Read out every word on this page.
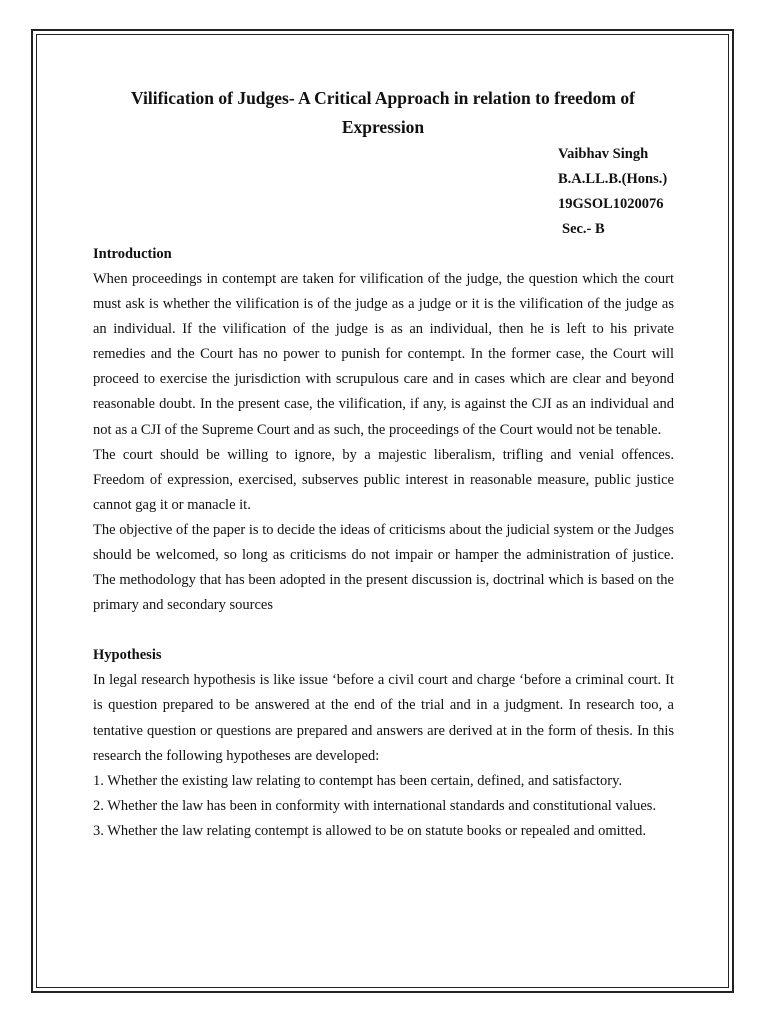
Vilification of Judges- A Critical Approach in relation to freedom of
Expression

Vaibhav Singh
B.A.LL.B.(Hons.)
19GSOL1020076
Sec.- B

Introduction

When proceedings in contempt are taken for vilification of the judge, the question which the court must ask is whether the vilification is of the judge as a judge or it is the vilification of the judge as an individual. If the vilification of the judge is as an individual, then he is left to his private remedies and the Court has no power to punish for contempt. In the former case, the Court will proceed to exercise the jurisdiction with scrupulous care and in cases which are clear and beyond reasonable doubt. In the present case, the vilification, if any, is against the CJI as an individual and not as a CJI of the Supreme Court and as such, the proceedings of the Court would not be tenable.

The court should be willing to ignore, by a majestic liberalism, trifling and venial offences. Freedom of expression, exercised, subserves public interest in reasonable measure, public justice cannot gag it or manacle it.

The objective of the paper is to decide the ideas of criticisms about the judicial system or the Judges should be welcomed, so long as criticisms do not impair or hamper the administration of justice. The methodology that has been adopted in the present discussion is, doctrinal which is based on the primary and secondary sources

Hypothesis

In legal research hypothesis is like issue ‘before a civil court and charge ‘before a criminal court. It is question prepared to be answered at the end of the trial and in a judgment. In research too, a tentative question or questions are prepared and answers are derived at in the form of thesis. In this research the following hypotheses are developed:

1. Whether the existing law relating to contempt has been certain, defined, and satisfactory.

2. Whether the law has been in conformity with international standards and constitutional values.

3. Whether the law relating contempt is allowed to be on statute books or repealed and omitted.
